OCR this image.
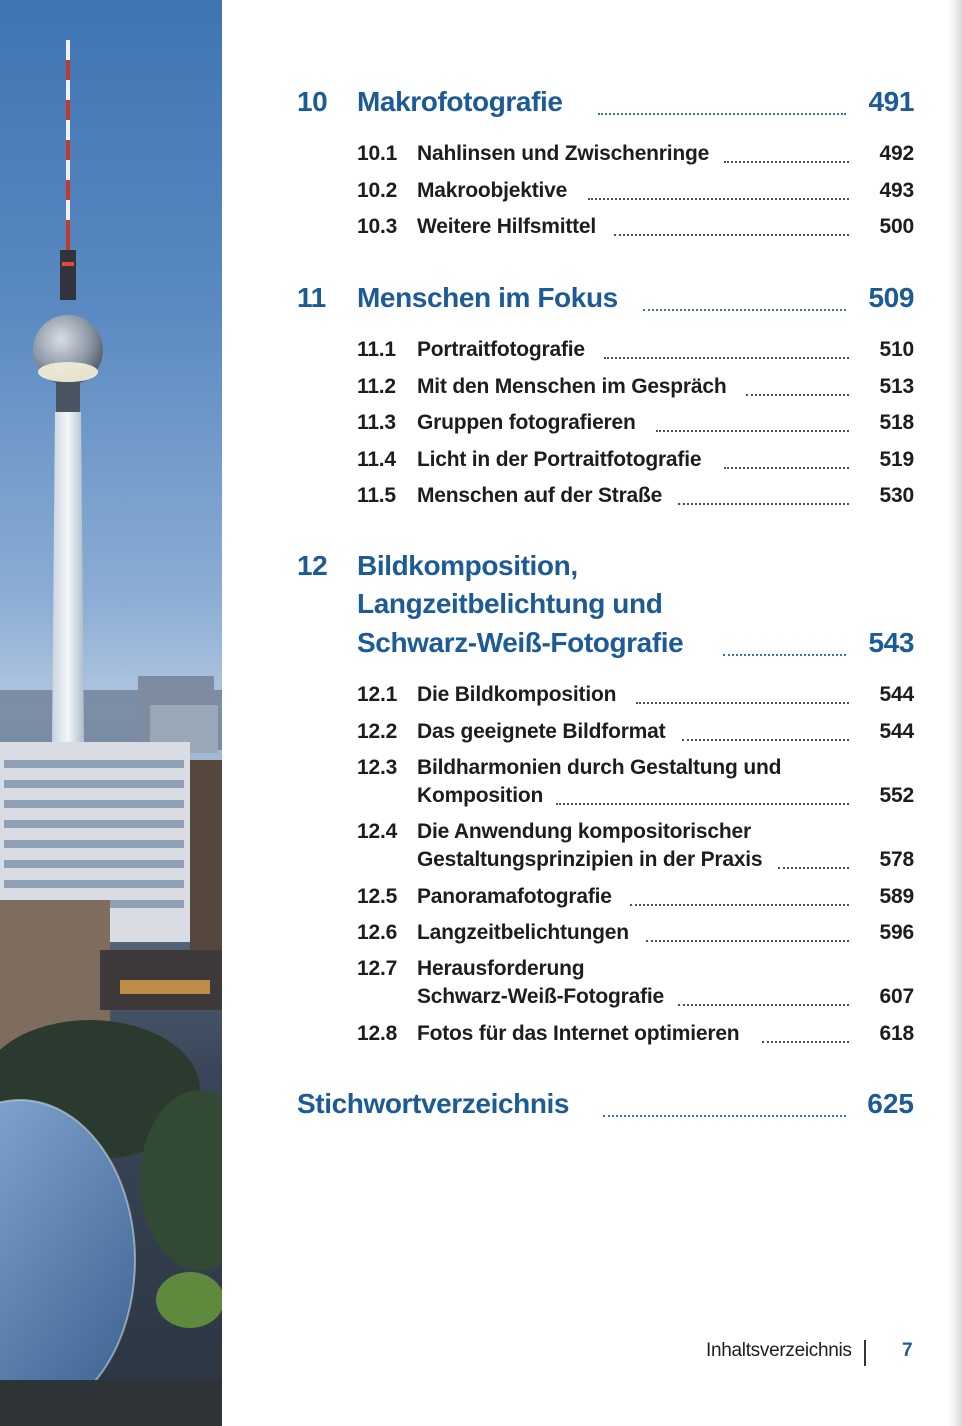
10 Makrofotografie	491
10.1 Nahlinsen und Zwischenringe	492
10.2 Makroobjektive	493
10.3 Weitere Hilfsmittel	500
11 Menschen im Fokus	509
11.1 Portraitfotografie	510
11.2 Mit den Menschen im Gespräch	513
11.3 Gruppen fotografieren	518
11.4 Licht in der Portraitfotografie	519
11.5 Menschen auf der Straße	530
12 Bildkomposition,
Langzeitbelichtung und
Schwarz-Weiß-Fotografie	543
12.1 Die Bildkomposition	544
12.2 Das geeignete Bildformat	544
12.3 Bildharmonien durch Gestaltung und
Komposition	552
12.4 Die Anwendung kompositorischer
Gestaltungsprinzipien in der Praxis	578
12.5 Panoramafotografie	589
12.6 Langzeitbelichtungen	596
12.7 Herausforderung
Schwarz-Weiß-Fotografie	607
12.8 Fotos für das Internet optimieren	618
Stichwortverzeichnis	625
Inhaltsverzeichnis	7
